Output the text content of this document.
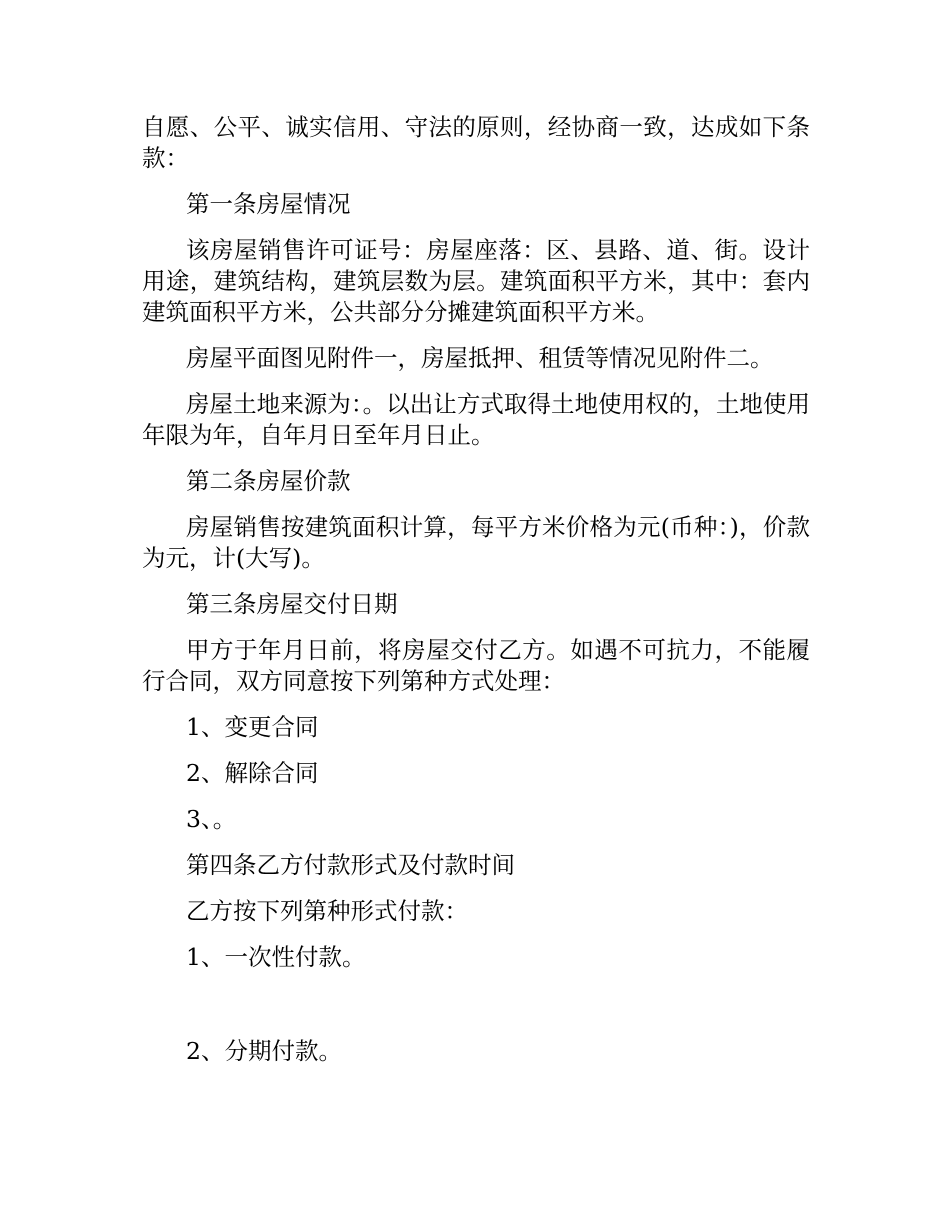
自愿、公平、诚实信用、守法的原则，经协商一致，达成如下条款：

第一条房屋情况

该房屋销售许可证号：房屋座落：区、县路、道、街。设计用途，建筑结构，建筑层数为层。建筑面积平方米，其中：套内建筑面积平方米，公共部分分摊建筑面积平方米。

房屋平面图见附件一，房屋抵押、租赁等情况见附件二。

房屋土地来源为：。以出让方式取得土地使用权的，土地使用年限为年，自年月日至年月日止。

第二条房屋价款

房屋销售按建筑面积计算，每平方米价格为元(币种：)，价款为元，计(大写)。

第三条房屋交付日期

甲方于年月日前，将房屋交付乙方。如遇不可抗力，不能履行合同，双方同意按下列第种方式处理：

1、变更合同

2、解除合同

3、。

第四条乙方付款形式及付款时间

乙方按下列第种形式付款：

1、一次性付款。

2、分期付款。
